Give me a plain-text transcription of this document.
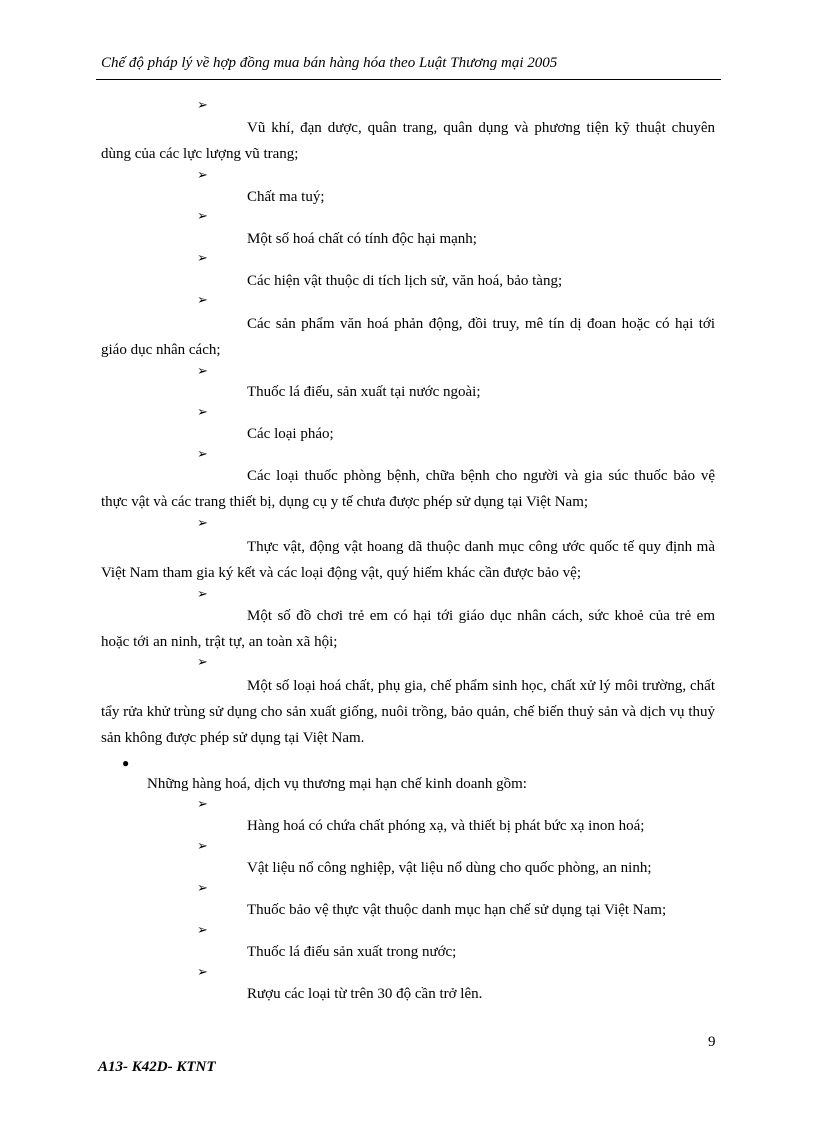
Chế độ pháp lý về hợp đồng mua bán hàng hóa theo Luật Thương mại 2005
➢
Vũ khí, đạn dược, quân trang, quân dụng và phương tiện kỹ thuật chuyên dùng của các lực lượng vũ trang;
➢
Chất ma tuý;
➢
Một số hoá chất có tính độc hại mạnh;
➢
Các hiện vật thuộc di tích lịch sử, văn hoá, bảo tàng;
➢
Các sản phẩm văn hoá phản động, đồi truy, mê tín dị đoan hoặc có hại tới giáo dục nhân cách;
➢
Thuốc lá điếu, sản xuất tại nước ngoài;
➢
Các loại pháo;
➢
Các loại thuốc phòng bệnh, chữa bệnh cho người và gia súc thuốc bảo vệ thực vật và các trang thiết bị, dụng cụ y tế chưa được phép sử dụng tại Việt Nam;
➢
Thực vật, động vật hoang dã thuộc danh mục công ước quốc tế quy định mà Việt Nam tham gia ký kết và các loại động vật, quý hiếm khác cần được bảo vệ;
➢
Một số đồ chơi trẻ em có hại tới giáo dục nhân cách, sức khoẻ của trẻ em hoặc tới an ninh, trật tự, an toàn xã hội;
➢
Một số loại hoá chất, phụ gia, chế phẩm sinh học, chất xử lý môi trường, chất tẩy rửa khử trùng sử dụng cho sản xuất giống, nuôi trồng, bảo quản, chế biến thuỷ sản và dịch vụ thuỷ sản không được phép sử dụng tại Việt Nam.
●
Những hàng hoá, dịch vụ thương mại hạn chế kinh doanh gồm:
➢
Hàng hoá có chứa chất phóng xạ, và thiết bị phát bức xạ inon hoá;
➢
Vật liệu nổ công nghiệp, vật liệu nổ dùng cho quốc phòng, an ninh;
➢
Thuốc bảo vệ thực vật thuộc danh mục hạn chế sử dụng tại Việt Nam;
➢
Thuốc lá điếu sản xuất trong nước;
➢
Rượu các loại từ trên 30 độ cần trở lên.
9
A13- K42D- KTNT
